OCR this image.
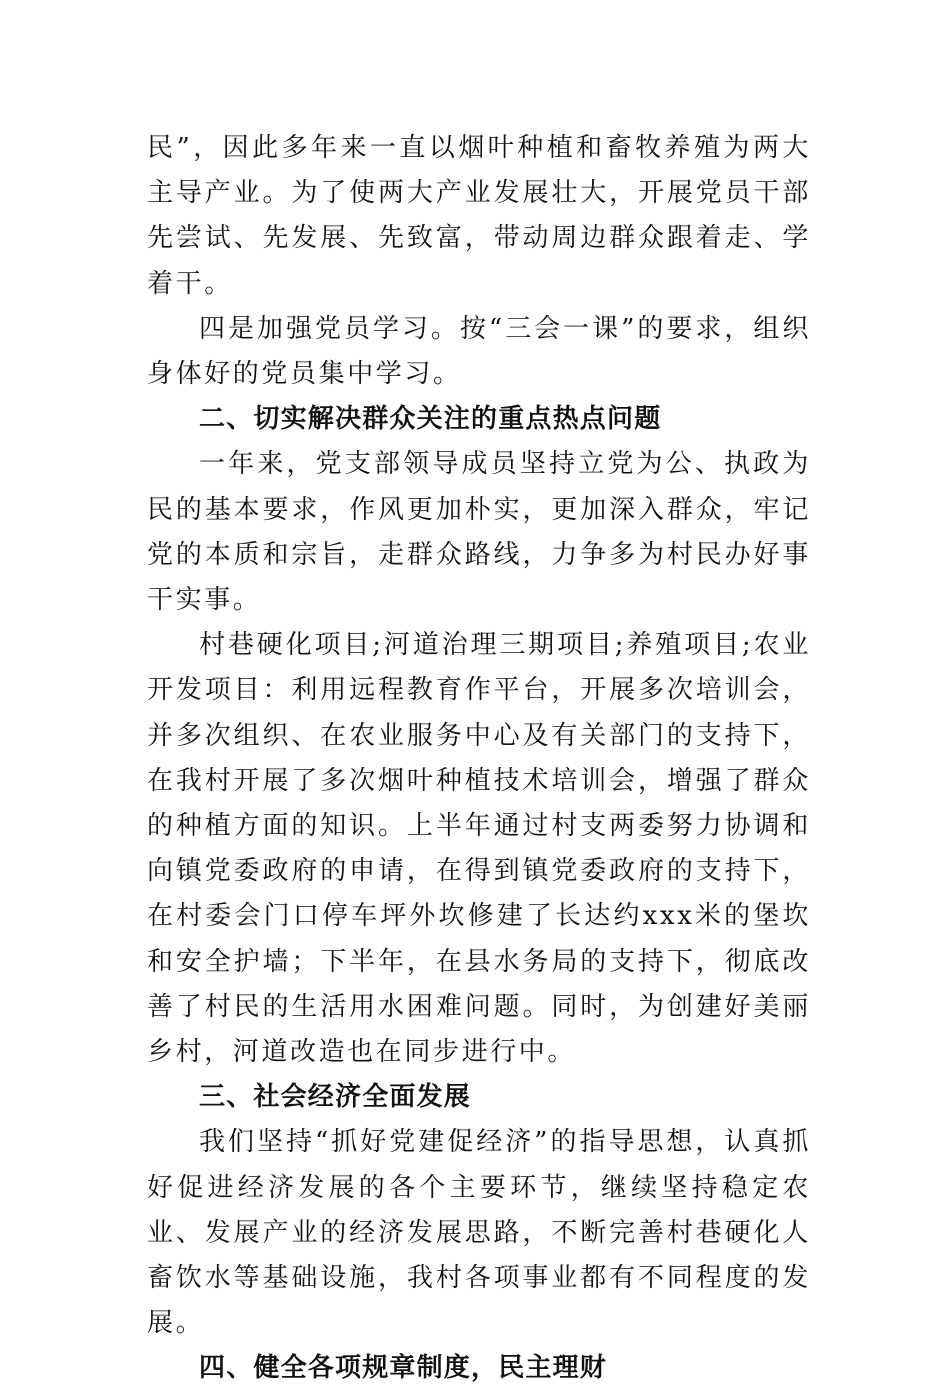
民”，因此多年来一直以烟叶种植和畜牧养殖为两大主导产业。为了使两大产业发展壮大，开展党员干部先尝试、先发展、先致富，带动周边群众跟着走、学着干。

四是加强党员学习。按“三会一课”的要求，组织身体好的党员集中学习。

二、切实解决群众关注的重点热点问题

一年来，党支部领导成员坚持立党为公、执政为民的基本要求，作风更加朴实，更加深入群众，牢记党的本质和宗旨，走群众路线，力争多为村民办好事干实事。

村巷硬化项目;河道治理三期项目;养殖项目;农业开发项目：利用远程教育作平台，开展多次培训会，并多次组织、在农业服务中心及有关部门的支持下，在我村开展了多次烟叶种植技术培训会，增强了群众的种植方面的知识。上半年通过村支两委努力协调和向镇党委政府的申请，在得到镇党委政府的支持下，在村委会门口停车坪外坎修建了长达约xxx米的堡坎和安全护墙；下半年，在县水务局的支持下，彻底改善了村民的生活用水困难问题。同时，为创建好美丽乡村，河道改造也在同步进行中。

三、社会经济全面发展

我们坚持“抓好党建促经济”的指导思想，认真抓好促进经济发展的各个主要环节，继续坚持稳定农业、发展产业的经济发展思路，不断完善村巷硬化人畜饮水等基础设施，我村各项事业都有不同程度的发展。

四、健全各项规章制度，民主理财
